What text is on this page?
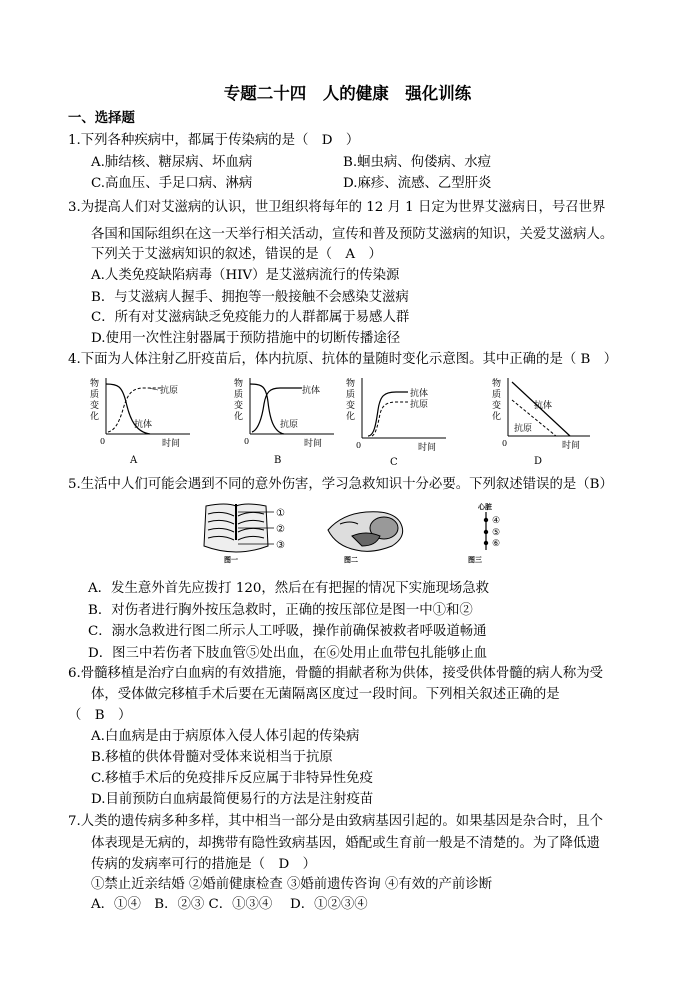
专题二十四　人的健康　强化训练
一、选择题
1.下列各种疾病中，都属于传染病的是（　D　）
A.肺结核、糖尿病、坏血病	B.蛔虫病、佝偻病、水痘
C.高血压、手足口病、淋病	D.麻疹、流感、乙型肝炎
3.为提高人们对艾滋病的认识，世卫组织将每年的 12 月 1 日定为世界艾滋病日，号召世界
各国和国际组织在这一天举行相关活动，宣传和普及预防艾滋病的知识，关爱艾滋病人。
下列关于艾滋病知识的叙述，错误的是（　A　）
A.人类免疫缺陷病毒（HIV）是艾滋病流行的传染源
B．与艾滋病人握手、拥抱等一般接触不会感染艾滋病
C．所有对艾滋病缺乏免疫能力的人群都属于易感人群
D.使用一次性注射器属于预防措施中的切断传播途径
4.下面为人体注射乙肝疫苗后，体内抗原、抗体的量随时变化示意图。其中正确的是（ B　）
物
质
变
化
抗原
抗体
0	时间
A
物
质
变
化
抗体
抗原
0	时间
B
物
质
变
化
抗体
抗原
0	时间
C
物
质
变
化
抗体
抗原
0	时间
D
5.生活中人们可能会遇到不同的意外伤害，学习急救知识十分必要。下列叙述错误的是（B）
①
②
③
图一	图二
心脏
④
⑤
⑥
图三
A．发生意外首先应拨打 120，然后在有把握的情况下实施现场急救
B．对伤者进行胸外按压急救时，正确的按压部位是图一中①和②
C．溺水急救进行图二所示人工呼吸，操作前确保被救者呼吸道畅通
D．图三中若伤者下肢血管⑤处出血，在⑥处用止血带包扎能够止血
6.骨髓移植是治疗白血病的有效措施，骨髓的捐献者称为供体，接受供体骨髓的病人称为受
体，受体做完移植手术后要在无菌隔离区度过一段时间。下列相关叙述正确的是
（　B　）
A.白血病是由于病原体入侵人体引起的传染病
B.移植的供体骨髓对受体来说相当于抗原
C.移植手术后的免疫排斥反应属于非特异性免疫
D.目前预防白血病最简便易行的方法是注射疫苗
7.人类的遗传病多种多样，其中相当一部分是由致病基因引起的。如果基因是杂合时，且个
体表现是无病的，却携带有隐性致病基因，婚配或生育前一般是不清楚的。为了降低遗
传病的发病率可行的措施是（　D　）
①禁止近亲结婚 ②婚前健康检查 ③婚前遗传咨询 ④有效的产前诊断
A．①④　B．②③ C．①③④　 D．①②③④
